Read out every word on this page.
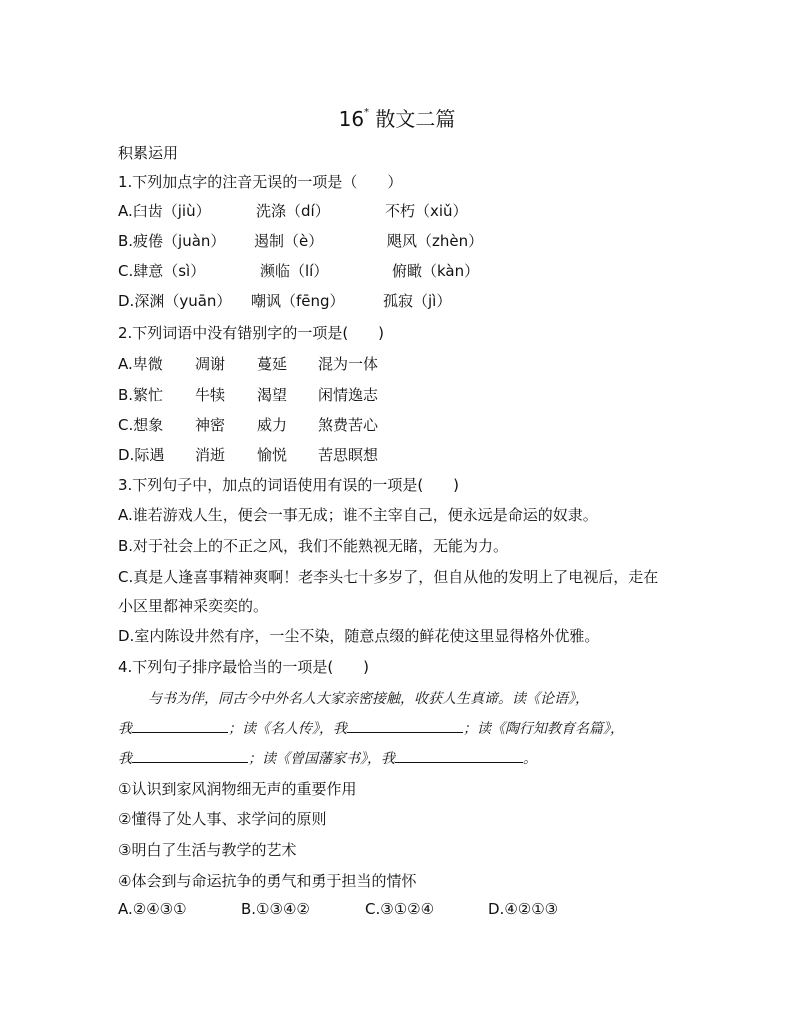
16* 散文二篇
积累运用
1.下列加点字的注音无误的一项是（　　）
A.臼齿（jiù）	洗涤（dí）	不朽（xiǔ）
B.疲倦（juàn） 遏制（è）	飓风（zhèn）
C.肆意（sì）	濒临（lí）	俯瞰（kàn）
D.深渊（yuān） 嘲讽（fēng）	孤寂（jì）
2.下列词语中没有错别字的一项是(　　)
A.卑微 凋谢 蔓延 混为一体
B.繁忙 牛犊 渴望 闲情逸志
C.想象 神密 威力 煞费苦心
D.际遇 消逝 愉悦 苦思瞑想
3.下列句子中，加点的词语使用有误的一项是(　　)
A.谁若游戏人生，便会一事无成；谁不主宰自己，便永远是命运的奴隶。
B.对于社会上的不正之风，我们不能熟视无睹，无能为力。
C.真是人逢喜事精神爽啊！老李头七十多岁了，但自从他的发明上了电视后，走在
小区里都神采奕奕的。
D.室内陈设井然有序，一尘不染，随意点缀的鲜花使这里显得格外优雅。
4.下列句子排序最恰当的一项是(　　)
与书为伴，同古今中外名人大家亲密接触，收获人生真谛。读《论语》，
我	；读《名人传》，我	；读《陶行知教育名篇》，
我	；读《曾国藩家书》，我	。
①认识到家风润物细无声的重要作用
②懂得了处人事、求学问的原则
③明白了生活与教学的艺术
④体会到与命运抗争的勇气和勇于担当的情怀
A.②④③①	B.①③④②	C.③①②④	D.④②①③
